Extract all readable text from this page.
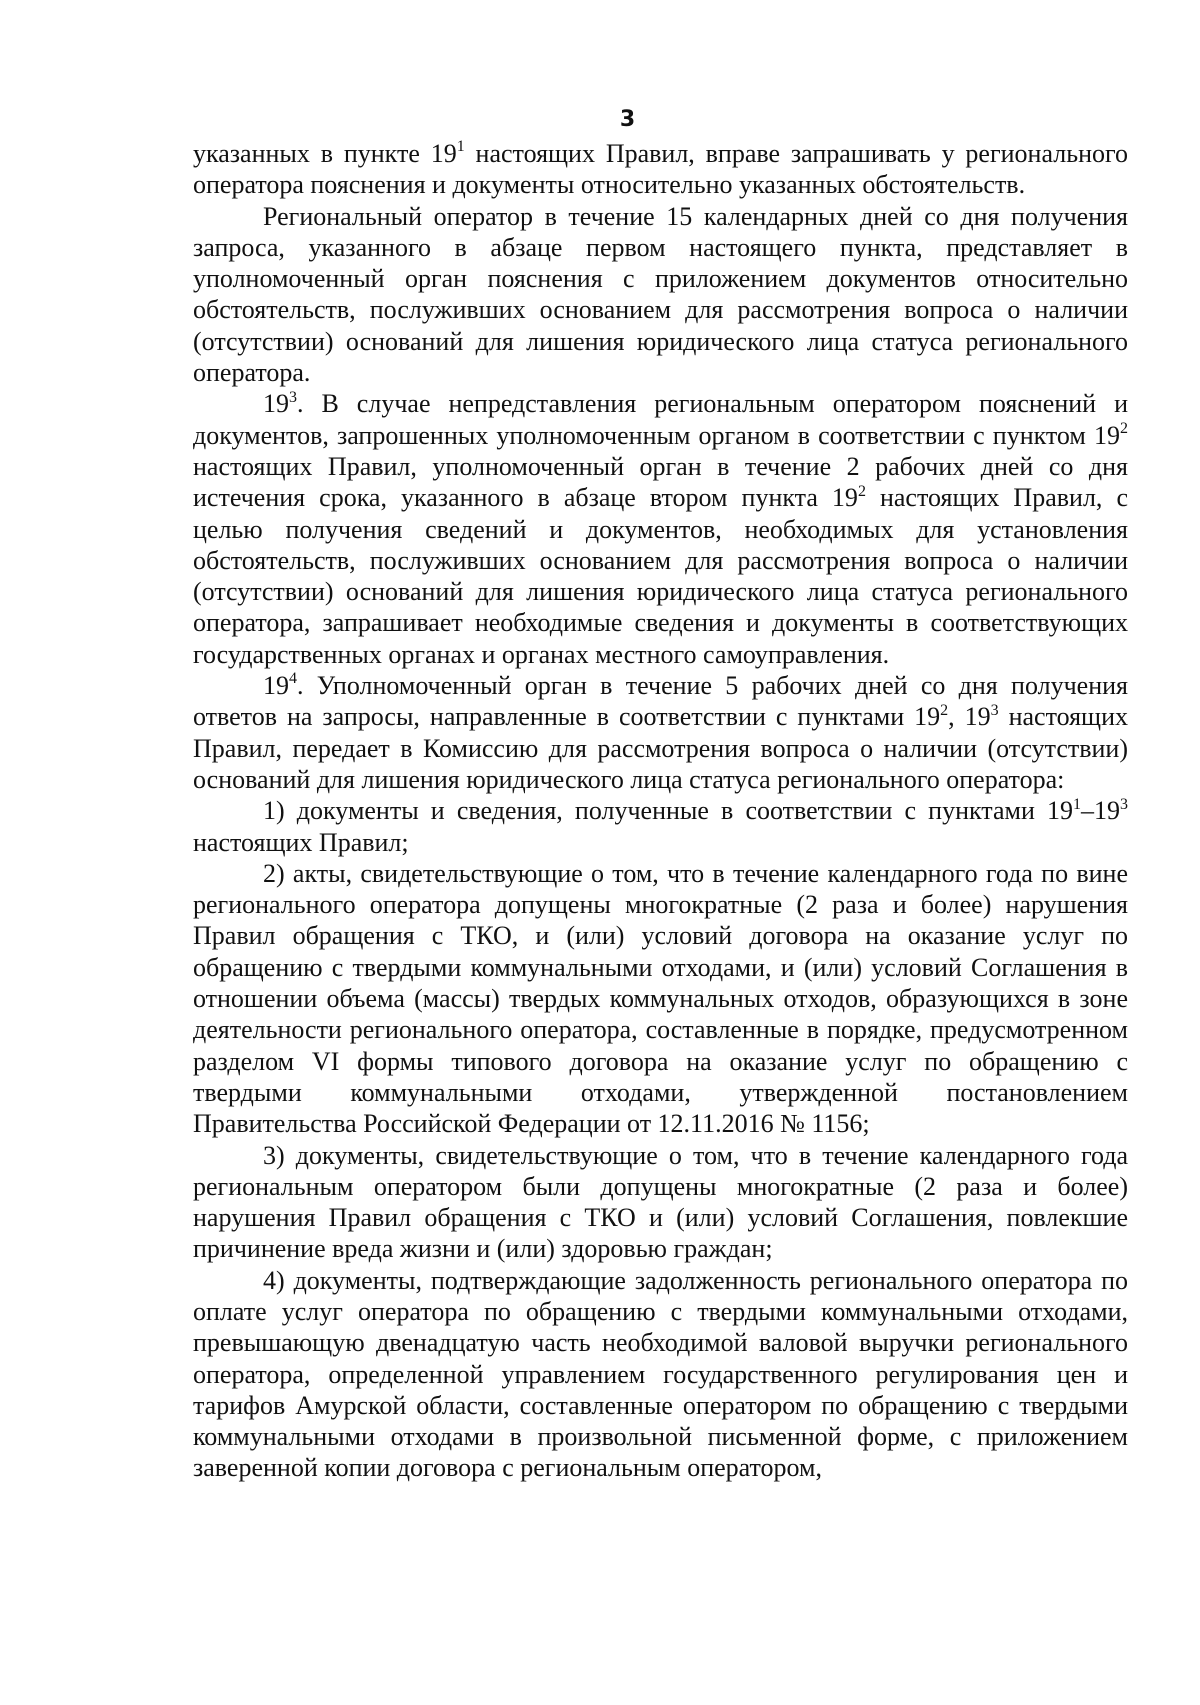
3

указанных в пункте $19^1$ настоящих Правил, вправе запрашивать у регионального оператора пояснения и документы относительно указанных обстоятельств.

Региональный оператор в течение 15 календарных дней со дня получения запроса, указанного в абзаце первом настоящего пункта, представляет в уполномоченный орган пояснения с приложением документов относительно обстоятельств, послуживших основанием для рассмотрения вопроса о наличии (отсутствии) оснований для лишения юридического лица статуса регионального оператора.

$19^3$. В случае непредставления региональным оператором пояснений и документов, запрошенных уполномоченным органом в соответствии с пунктом $19^2$ настоящих Правил, уполномоченный орган в течение 2 рабочих дней со дня истечения срока, указанного в абзаце втором пункта $19^2$ настоящих Правил, с целью получения сведений и документов, необходимых для установления обстоятельств, послуживших основанием для рассмотрения вопроса о наличии (отсутствии) оснований для лишения юридического лица статуса регионального оператора, запрашивает необходимые сведения и документы в соответствующих государственных органах и органах местного самоуправления.

$19^4$. Уполномоченный орган в течение 5 рабочих дней со дня получения ответов на запросы, направленные в соответствии с пунктами $19^2$, $19^3$ настоящих Правил, передает в Комиссию для рассмотрения вопроса о наличии (отсутствии) оснований для лишения юридического лица статуса регионального оператора:

1) документы и сведения, полученные в соответствии с пунктами $19^1-19^3$ настоящих Правил;

2) акты, свидетельствующие о том, что в течение календарного года по вине регионального оператора допущены многократные (2 раза и более) нарушения Правил обращения с ТКО, и (или) условий договора на оказание услуг по обращению с твердыми коммунальными отходами, и (или) условий Соглашения в отношении объема (массы) твердых коммунальных отходов, образующихся в зоне деятельности регионального оператора, составленные в порядке, предусмотренном разделом VI формы типового договора на оказание услуг по обращению с твердыми коммунальными отходами, утвержденной постановлением Правительства Российской Федерации от 12.11.2016 № 1156;

3) документы, свидетельствующие о том, что в течение календарного года региональным оператором были допущены многократные (2 раза и более) нарушения Правил обращения с ТКО и (или) условий Соглашения, повлекшие причинение вреда жизни и (или) здоровью граждан;

4) документы, подтверждающие задолженность регионального оператора по оплате услуг оператора по обращению с твердыми коммунальными отходами, превышающую двенадцатую часть необходимой валовой выручки регионального оператора, определенной управлением государственного регулирования цен и тарифов Амурской области, составленные оператором по обращению с твердыми коммунальными отходами в произвольной письменной форме, с приложением заверенной копии договора с региональным оператором,
